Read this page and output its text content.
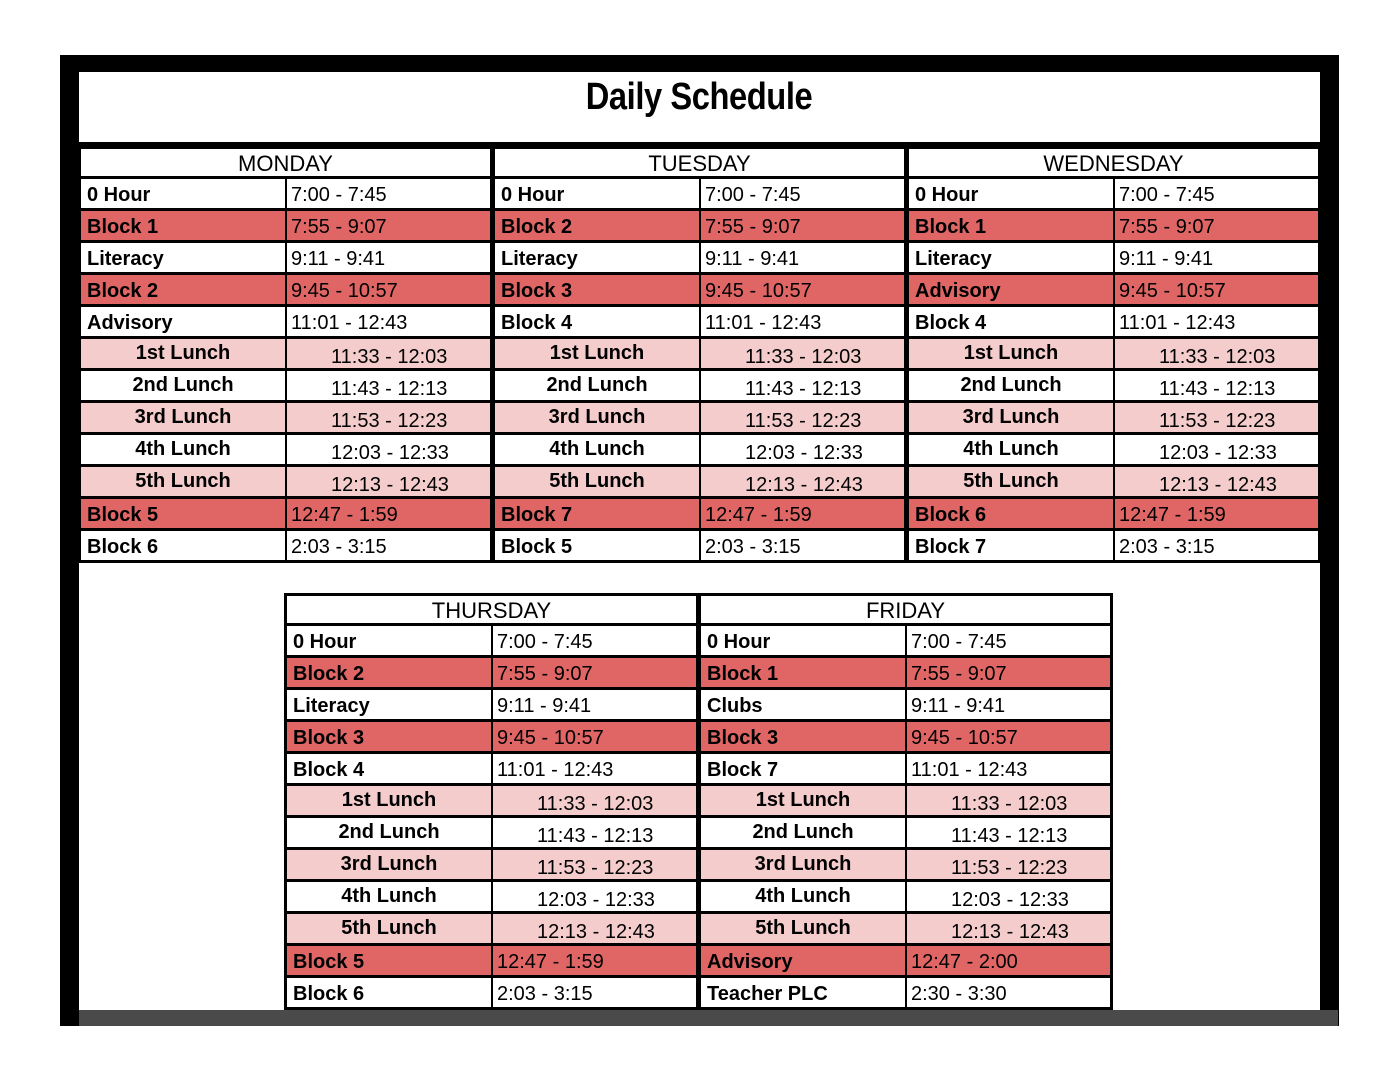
Daily Schedule
MONDAY
0 Hour	7:00 - 7:45
Block 1	7:55 - 9:07
Literacy	9:11 - 9:41
Block 2	9:45 - 10:57
Advisory	11:01 - 12:43
1st Lunch	11:33 - 12:03
2nd Lunch	11:43 - 12:13
3rd Lunch	11:53 - 12:23
4th Lunch	12:03 - 12:33
5th Lunch	12:13 - 12:43
Block 5	12:47 - 1:59
Block 6	2:03 - 3:15
TUESDAY
0 Hour	7:00 - 7:45
Block 2	7:55 - 9:07
Literacy	9:11 - 9:41
Block 3	9:45 - 10:57
Block 4	11:01 - 12:43
1st Lunch	11:33 - 12:03
2nd Lunch	11:43 - 12:13
3rd Lunch	11:53 - 12:23
4th Lunch	12:03 - 12:33
5th Lunch	12:13 - 12:43
Block 7	12:47 - 1:59
Block 5	2:03 - 3:15
WEDNESDAY
0 Hour	7:00 - 7:45
Block 1	7:55 - 9:07
Literacy	9:11 - 9:41
Advisory	9:45 - 10:57
Block 4	11:01 - 12:43
1st Lunch	11:33 - 12:03
2nd Lunch	11:43 - 12:13
3rd Lunch	11:53 - 12:23
4th Lunch	12:03 - 12:33
5th Lunch	12:13 - 12:43
Block 6	12:47 - 1:59
Block 7	2:03 - 3:15
THURSDAY
0 Hour	7:00 - 7:45
Block 2	7:55 - 9:07
Literacy	9:11 - 9:41
Block 3	9:45 - 10:57
Block 4	11:01 - 12:43
1st Lunch	11:33 - 12:03
2nd Lunch	11:43 - 12:13
3rd Lunch	11:53 - 12:23
4th Lunch	12:03 - 12:33
5th Lunch	12:13 - 12:43
Block 5	12:47 - 1:59
Block 6	2:03 - 3:15
FRIDAY
0 Hour	7:00 - 7:45
Block 1	7:55 - 9:07
Clubs	9:11 - 9:41
Block 3	9:45 - 10:57
Block 7	11:01 - 12:43
1st Lunch	11:33 - 12:03
2nd Lunch	11:43 - 12:13
3rd Lunch	11:53 - 12:23
4th Lunch	12:03 - 12:33
5th Lunch	12:13 - 12:43
Advisory	12:47 - 2:00
Teacher PLC	2:30 - 3:30
